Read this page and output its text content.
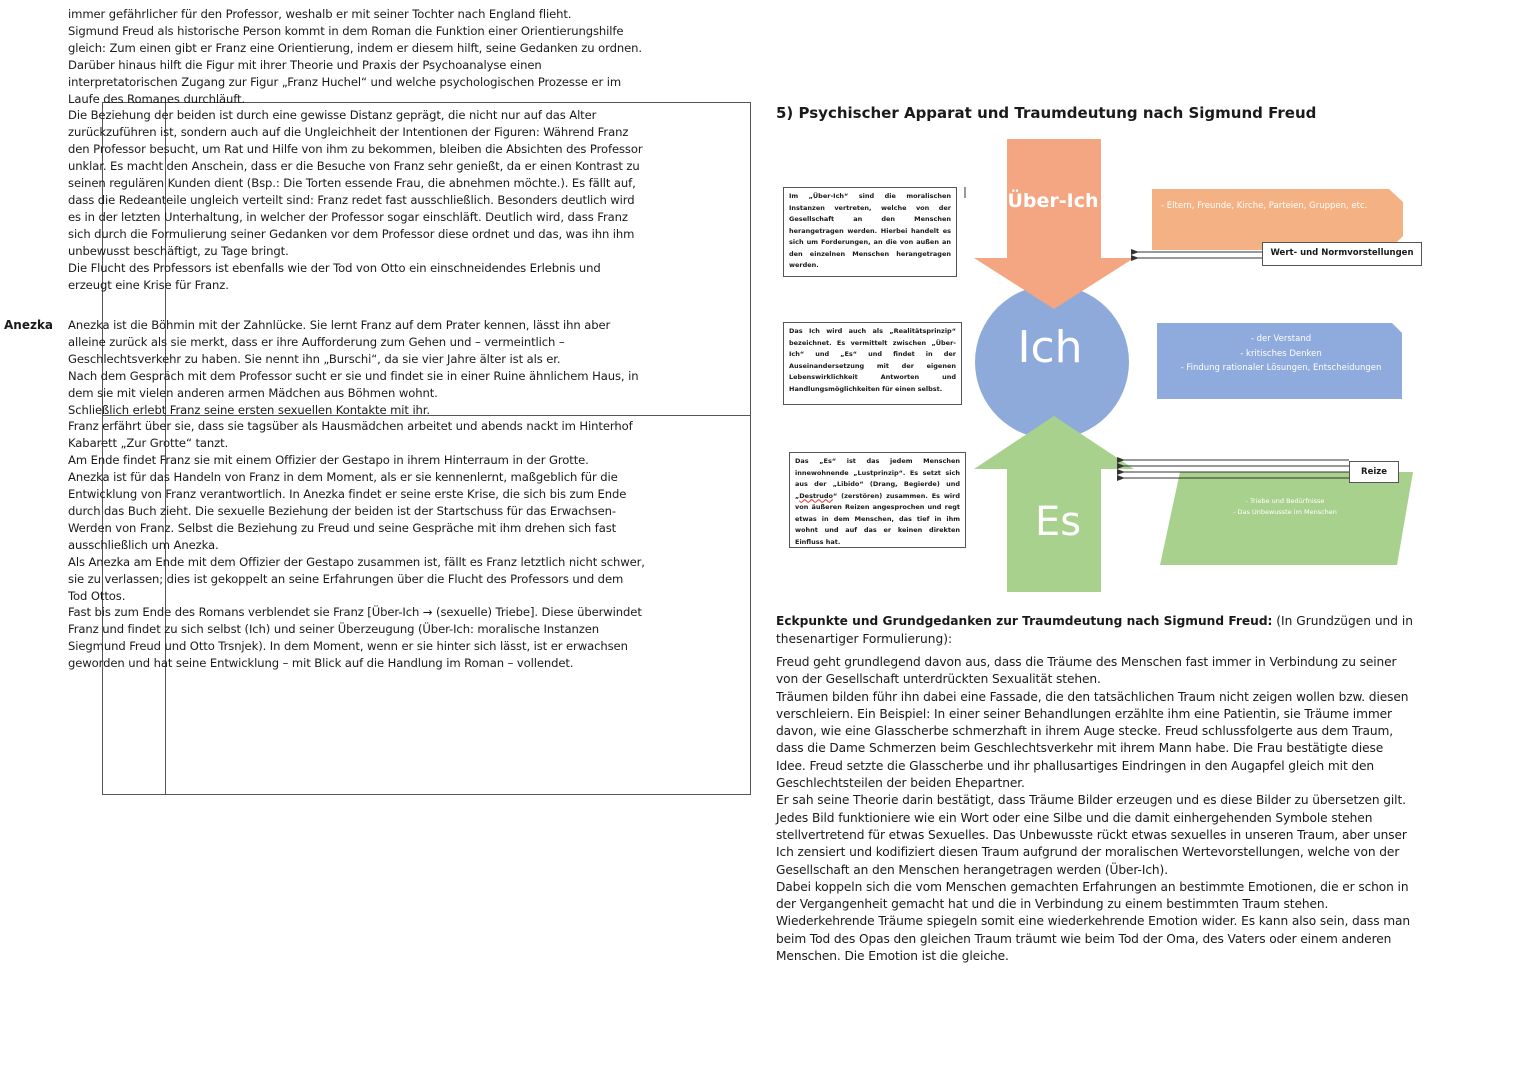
immer gefährlicher für den Professor, weshalb er mit seiner Tochter nach England flieht.

Sigmund Freud als historische Person kommt in dem Roman die Funktion einer Orientierungshilfe gleich: Zum einen gibt er Franz eine Orientierung, indem er diesem hilft, seine Gedanken zu ordnen. Darüber hinaus hilft die Figur mit ihrer Theorie und Praxis der Psychoanalyse einen interpretatorischen Zugang zur Figur „Franz Huchel“ und welche psychologischen Prozesse er im Laufe des Romanes durchläuft.

Die Beziehung der beiden ist durch eine gewisse Distanz geprägt, die nicht nur auf das Alter zurückzuführen ist, sondern auch auf die Ungleichheit der Intentionen der Figuren: Während Franz den Professor besucht, um Rat und Hilfe von ihm zu bekommen, bleiben die Absichten des Professor unklar. Es macht den Anschein, dass er die Besuche von Franz sehr genießt, da er einen Kontrast zu seinen regulären Kunden dient (Bsp.: Die Torten essende Frau, die abnehmen möchte.). Es fällt auf, dass die Redeanteile ungleich verteilt sind: Franz redet fast ausschließlich. Besonders deutlich wird es in der letzten Unterhaltung, in welcher der Professor sogar einschläft. Deutlich wird, dass Franz sich durch die Formulierung seiner Gedanken vor dem Professor diese ordnet und das, was ihn ihm unbewusst beschäftigt, zu Tage bringt.

Die Flucht des Professors ist ebenfalls wie der Tod von Otto ein einschneidendes Erlebnis und erzeugt eine Krise für Franz.

Anezka Anezka ist die Böhmin mit der Zahnlücke. Sie lernt Franz auf dem Prater kennen, lässt ihn aber alleine zurück als sie merkt, dass er ihre Aufforderung zum Gehen und – vermeintlich – Geschlechtsverkehr zu haben. Sie nennt ihn „Burschi“, da sie vier Jahre älter ist als er.

Nach dem Gespräch mit dem Professor sucht er sie und findet sie in einer Ruine ähnlichem Haus, in dem sie mit vielen anderen armen Mädchen aus Böhmen wohnt.

Schließlich erlebt Franz seine ersten sexuellen Kontakte mit ihr.

Franz erfährt über sie, dass sie tagsüber als Hausmädchen arbeitet und abends nackt im Hinterhof Kabarett „Zur Grotte“ tanzt.

Am Ende findet Franz sie mit einem Offizier der Gestapo in ihrem Hinterraum in der Grotte.

Anezka ist für das Handeln von Franz in dem Moment, als er sie kennenlernt, maßgeblich für die Entwicklung von Franz verantwortlich. In Anezka findet er seine erste Krise, die sich bis zum Ende durch das Buch zieht. Die sexuelle Beziehung der beiden ist der Startschuss für das Erwachsen-Werden von Franz. Selbst die Beziehung zu Freud und seine Gespräche mit ihm drehen sich fast ausschließlich um Anezka.

Als Anezka am Ende mit dem Offizier der Gestapo zusammen ist, fällt es Franz letztlich nicht schwer, sie zu verlassen; dies ist gekoppelt an seine Erfahrungen über die Flucht des Professors und dem Tod Ottos.

Fast bis zum Ende des Romans verblendet sie Franz [Über-Ich → (sexuelle) Triebe]. Diese überwindet Franz und findet zu sich selbst (Ich) und seiner Überzeugung (Über-Ich: moralische Instanzen Siegmund Freud und Otto Trsnjek). In dem Moment, wenn er sie hinter sich lässt, ist er erwachsen geworden und hat seine Entwicklung – mit Blick auf die Handlung im Roman – vollendet.

5) Psychischer Apparat und Traumdeutung nach Sigmund Freud
Über-Ich
Ich
Es
Im „Über-Ich“ sind die moralischen Instanzen vertreten, welche von der Gesellschaft an den Menschen herangetragen werden. Hierbei handelt es sich um Forderungen, an die von außen an den einzelnen Menschen herangetragen werden.
Das Ich wird auch als „Realitätsprinzip“ bezeichnet. Es vermittelt zwischen „Über-Ich“ und „Es“ und findet in der Auseinandersetzung mit der eigenen Lebenswirklichkeit Antworten und Handlungsmöglichkeiten für einen selbst.
Das „Es“ ist das jedem Menschen innewohnende „Lustprinzip“. Es setzt sich aus der „Libido“ (Drang, Begierde) und „Destrudo“ (zerstören) zusammen. Es wird von äußeren Reizen angesprochen und regt etwas in dem Menschen, das tief in ihm wohnt und auf das er keinen direkten Einfluss hat.
- Eltern, Freunde, Kirche, Parteien, Gruppen, etc.
Wert- und Normvorstellungen
- der Verstand
- kritisches Denken
- Findung rationaler Lösungen, Entscheidungen
Reize
- Triebe und Bedürfnisse
- Das Unbewusste im Menschen
Eckpunkte und Grundgedanken zur Traumdeutung nach Sigmund Freud: (In Grundzügen und in thesenartiger Formulierung):

Freud geht grundlegend davon aus, dass die Träume des Menschen fast immer in Verbindung zu seiner von der Gesellschaft unterdrückten Sexualität stehen.

Träumen bilden führ ihn dabei eine Fassade, die den tatsächlichen Traum nicht zeigen wollen bzw. diesen verschleiern. Ein Beispiel: In einer seiner Behandlungen erzählte ihm eine Patientin, sie Träume immer davon, wie eine Glasscherbe schmerzhaft in ihrem Auge stecke. Freud schlussfolgerte aus dem Traum, dass die Dame Schmerzen beim Geschlechtsverkehr mit ihrem Mann habe. Die Frau bestätigte diese Idee. Freud setzte die Glasscherbe und ihr phallusartiges Eindringen in den Augapfel gleich mit den Geschlechtsteilen der beiden Ehepartner.

Er sah seine Theorie darin bestätigt, dass Träume Bilder erzeugen und es diese Bilder zu übersetzen gilt. Jedes Bild funktioniere wie ein Wort oder eine Silbe und die damit einhergehenden Symbole stehen stellvertretend für etwas Sexuelles. Das Unbewusste rückt etwas sexuelles in unseren Traum, aber unser Ich zensiert und kodifiziert diesen Traum aufgrund der moralischen Wertevorstellungen, welche von der Gesellschaft an den Menschen herangetragen werden (Über-Ich).

Dabei koppeln sich die vom Menschen gemachten Erfahrungen an bestimmte Emotionen, die er schon in der Vergangenheit gemacht hat und die in Verbindung zu einem bestimmten Traum stehen. Wiederkehrende Träume spiegeln somit eine wiederkehrende Emotion wider. Es kann also sein, dass man beim Tod des Opas den gleichen Traum träumt wie beim Tod der Oma, des Vaters oder einem anderen Menschen. Die Emotion ist die gleiche.
